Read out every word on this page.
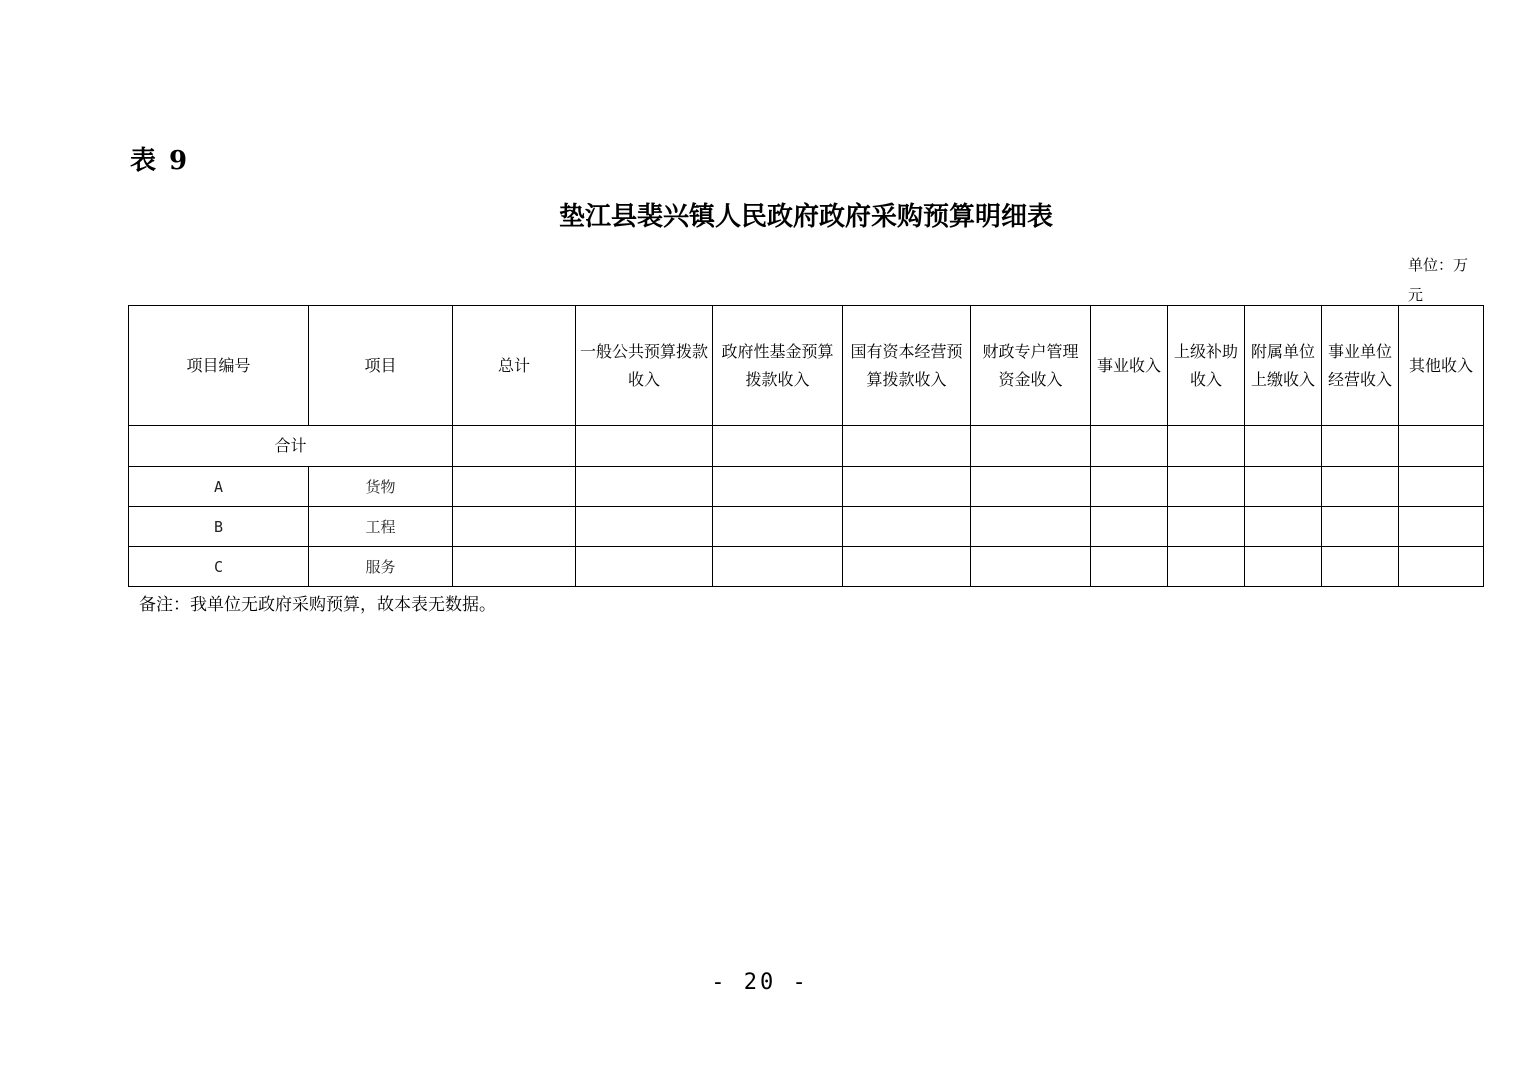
表 9
垫江县裴兴镇人民政府政府采购预算明细表
单位：万元
项目编号	项目	总计	一般公共预算拨款收入	政府性基金预算拨款收入	国有资本经营预算拨款收入	财政专户管理资金收入	事业收入	上级补助收入	附属单位上缴收入	事业单位经营收入	其他收入
合计											
A	货物										
B	工程										
C	服务										
备注：我单位无政府采购预算，故本表无数据。
- 20 -
